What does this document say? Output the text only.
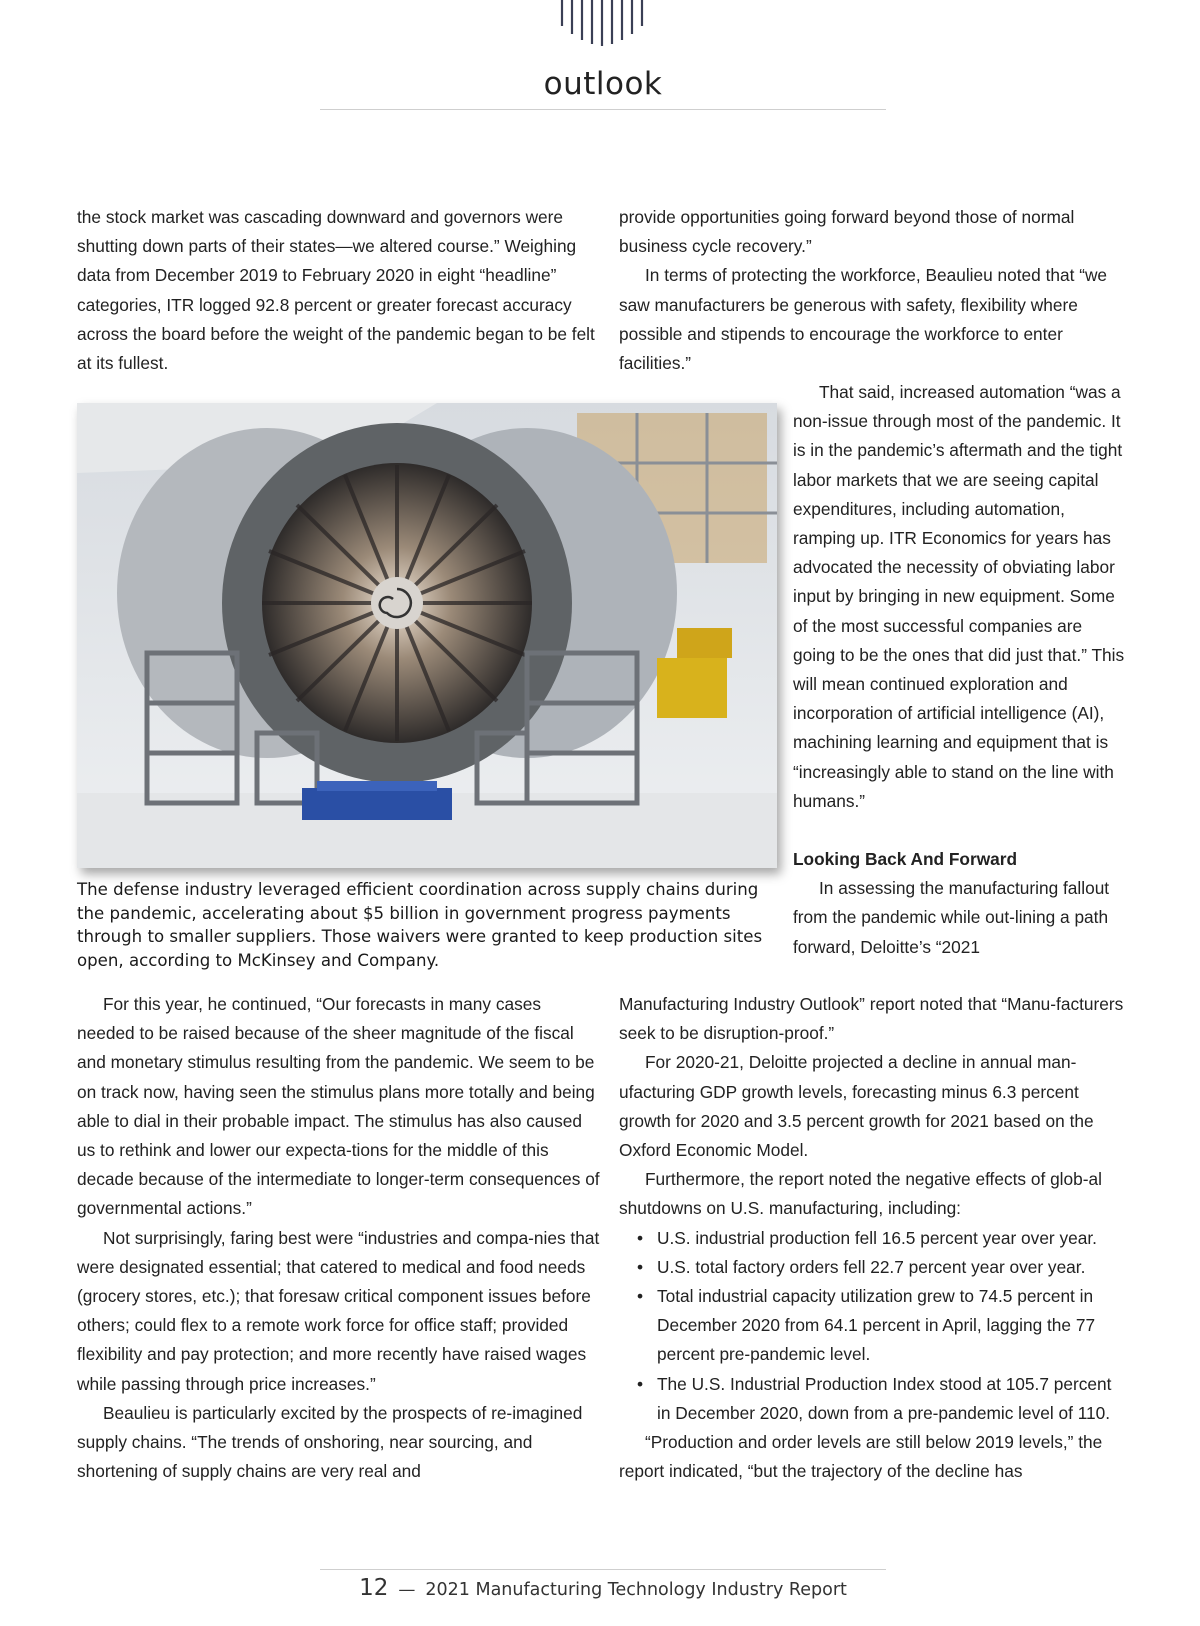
outlook

the stock market was cascading downward and governors were shutting down parts of their states—we altered course.” Weighing data from December 2019 to February 2020 in eight “headline” categories, ITR logged 92.8 percent or greater forecast accuracy across the board before the weight of the pandemic began to be felt at its fullest.

provide opportunities going forward beyond those of normal business cycle recovery.”

In terms of protecting the workforce, Beaulieu noted that “we saw manufacturers be generous with safety, flexibility where possible and stipends to encourage the workforce to enter facilities.”

That said, increased automation “was a non-issue through most of the pandemic. It is in the pandemic’s aftermath and the tight labor markets that we are seeing capital expenditures, including automation, ramping up. ITR Economics for years has advocated the necessity of obviating labor input by bringing in new equipment. Some of the most successful companies are going to be the ones that did just that.” This will mean continued exploration and incorporation of artificial intelligence (AI), machining learning and equipment that is “increasingly able to stand on the line with humans.”

Looking Back And Forward

In assessing the manufacturing fallout from the pandemic while out-lining a path forward, Deloitte’s “2021

The defense industry leveraged efficient coordination across supply chains during the pandemic, accelerating about $5 billion in government progress payments through to smaller suppliers. Those waivers were granted to keep production sites open, according to McKinsey and Company.

For this year, he continued, “Our forecasts in many cases needed to be raised because of the sheer magnitude of the fiscal and monetary stimulus resulting from the pandemic. We seem to be on track now, having seen the stimulus plans more totally and being able to dial in their probable impact. The stimulus has also caused us to rethink and lower our expecta-tions for the middle of this decade because of the intermediate to longer-term consequences of governmental actions.”

Not surprisingly, faring best were “industries and compa-nies that were designated essential; that catered to medical and food needs (grocery stores, etc.); that foresaw critical component issues before others; could flex to a remote work force for office staff; provided flexibility and pay protection; and more recently have raised wages while passing through price increases.”

Beaulieu is particularly excited by the prospects of re-imagined supply chains. “The trends of onshoring, near sourcing, and shortening of supply chains are very real and

Manufacturing Industry Outlook” report noted that “Manu-facturers seek to be disruption-proof.”

For 2020-21, Deloitte projected a decline in annual man-ufacturing GDP growth levels, forecasting minus 6.3 percent growth for 2020 and 3.5 percent growth for 2021 based on the Oxford Economic Model.

Furthermore, the report noted the negative effects of glob-al shutdowns on U.S. manufacturing, including:

• U.S. industrial production fell 16.5 percent year over year.
• U.S. total factory orders fell 22.7 percent year over year.
• Total industrial capacity utilization grew to 74.5 percent in December 2020 from 64.1 percent in April, lagging the 77 percent pre-pandemic level.
• The U.S. Industrial Production Index stood at 105.7 percent in December 2020, down from a pre-pandemic level of 110.

“Production and order levels are still below 2019 levels,” the report indicated, “but the trajectory of the decline has

12 — 2021 Manufacturing Technology Industry Report
